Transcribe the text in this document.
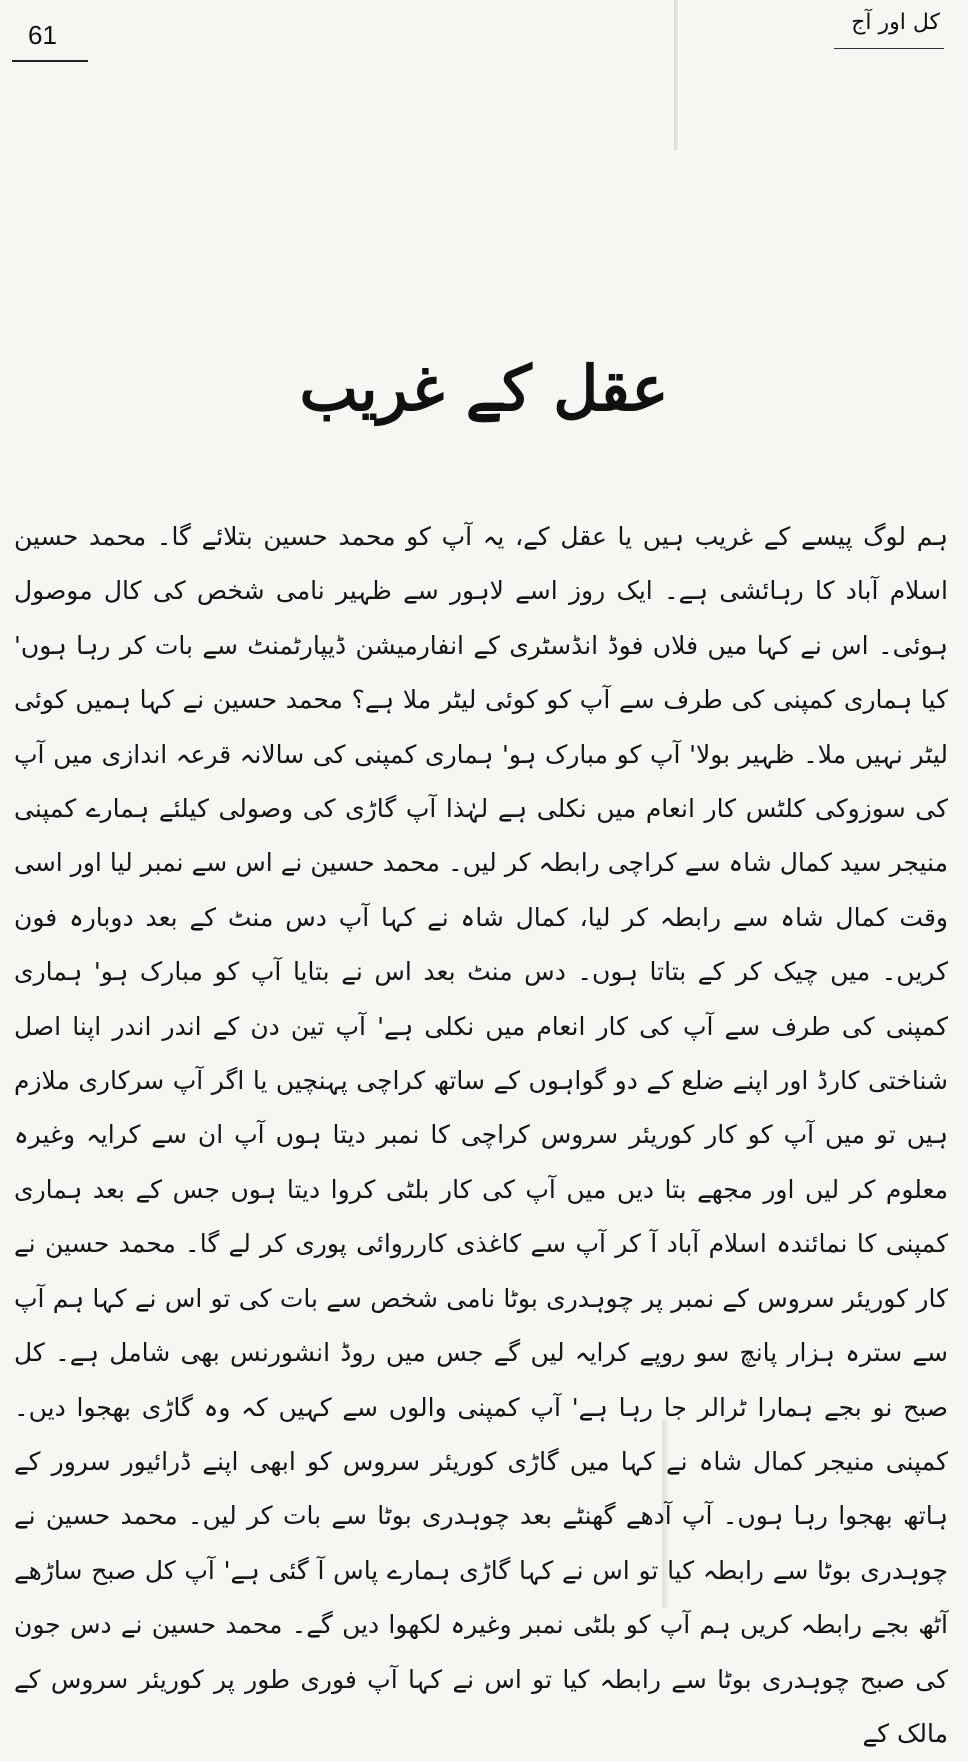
61	کل اور آج
عقل کے غریب

ہم لوگ پیسے کے غریب ہیں یا عقل کے، یہ آپ کو محمد حسین بتلائے گا۔ محمد حسین اسلام آباد کا رہائشی ہے۔ ایک روز اسے لاہور سے ظہیر نامی شخص کی کال موصول ہوئی۔ اس نے کہا میں فلاں فوڈ انڈسٹری کے انفارمیشن ڈیپارٹمنٹ سے بات کر رہا ہوں' کیا ہماری کمپنی کی طرف سے آپ کو کوئی لیٹر ملا ہے؟ محمد حسین نے کہا ہمیں کوئی لیٹر نہیں ملا۔ ظہیر بولا' آپ کو مبارک ہو' ہماری کمپنی کی سالانہ قرعہ اندازی میں آپ کی سوزوکی کلٹس کار انعام میں نکلی ہے لہٰذا آپ گاڑی کی وصولی کیلئے ہمارے کمپنی منیجر سید کمال شاہ سے کراچی رابطہ کر لیں۔ محمد حسین نے اس سے نمبر لیا اور اسی وقت کمال شاہ سے رابطہ کر لیا، کمال شاہ نے کہا آپ دس منٹ کے بعد دوبارہ فون کریں۔ میں چیک کر کے بتاتا ہوں۔ دس منٹ بعد اس نے بتایا آپ کو مبارک ہو' ہماری کمپنی کی طرف سے آپ کی کار انعام میں نکلی ہے' آپ تین دن کے اندر اندر اپنا اصل شناختی کارڈ اور اپنے ضلع کے دو گواہوں کے ساتھ کراچی پہنچیں یا اگر آپ سرکاری ملازم ہیں تو میں آپ کو کار کوریئر سروس کراچی کا نمبر دیتا ہوں آپ ان سے کرایہ وغیرہ معلوم کر لیں اور مجھے بتا دیں میں آپ کی کار بلٹی کروا دیتا ہوں جس کے بعد ہماری کمپنی کا نمائندہ اسلام آباد آ کر آپ سے کاغذی کارروائی پوری کر لے گا۔ محمد حسین نے کار کوریئر سروس کے نمبر پر چوہدری بوٹا نامی شخص سے بات کی تو اس نے کہا ہم آپ سے سترہ ہزار پانچ سو روپے کرایہ لیں گے جس میں روڈ انشورنس بھی شامل ہے۔ کل صبح نو بجے ہمارا ٹرالر جا رہا ہے' آپ کمپنی والوں سے کہیں کہ وہ گاڑی بھجوا دیں۔ کمپنی منیجر کمال شاہ نے کہا میں گاڑی کوریئر سروس کو ابھی اپنے ڈرائیور سرور کے ہاتھ بھجوا رہا ہوں۔ آپ آدھے گھنٹے بعد چوہدری بوٹا سے بات کر لیں۔ محمد حسین نے چوہدری بوٹا سے رابطہ کیا تو اس نے کہا گاڑی ہمارے پاس آ گئی ہے' آپ کل صبح ساڑھے آٹھ بجے رابطہ کریں ہم آپ کو بلٹی نمبر وغیرہ لکھوا دیں گے۔ محمد حسین نے دس جون کی صبح چوہدری بوٹا سے رابطہ کیا تو اس نے کہا آپ فوری طور پر کوریئر سروس کے مالک کے
